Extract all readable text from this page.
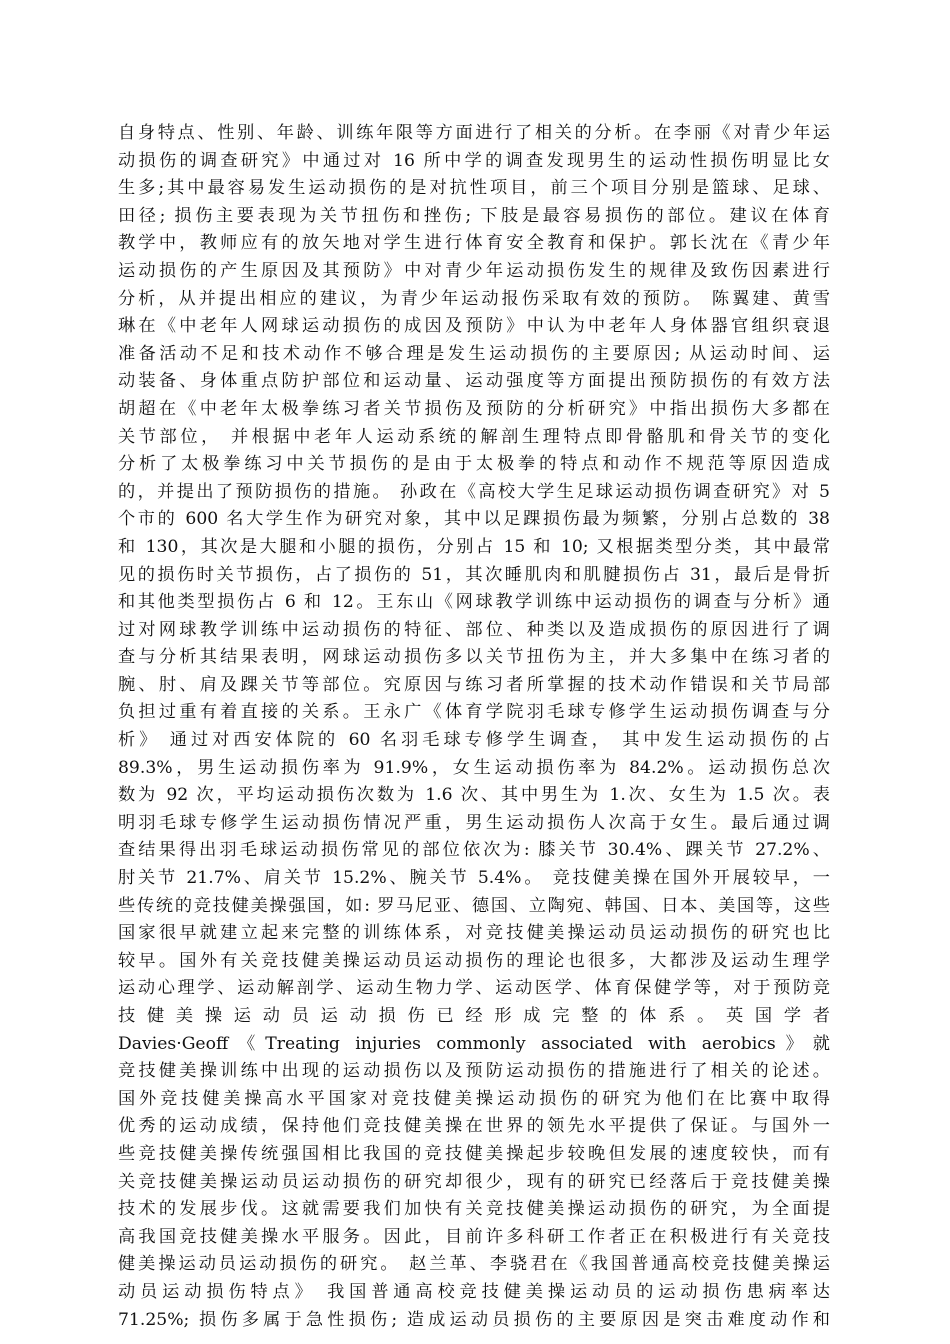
自身特点、性别、年龄、训练年限等方面进行了相关的分析。在李丽《对青少年运
动损伤的调查研究》中通过对 16 所中学的调查发现男生的运动性损伤明显比女
生多;其中最容易发生运动损伤的是对抗性项目，前三个项目分别是篮球、足球、
田径; 损伤主要表现为关节扭伤和挫伤; 下肢是最容易损伤的部位。建议在体育
教学中，教师应有的放矢地对学生进行体育安全教育和保护。郭长沈在《青少年
运动损伤的产生原因及其预防》中对青少年运动损伤发生的规律及致伤因素进行
分析，从并提出相应的建议，为青少年运动报伤采取有效的预防。 陈翼建、黄雪
琳在《中老年人网球运动损伤的成因及预防》中认为中老年人身体器官组织衰退
准备活动不足和技术动作不够合理是发生运动损伤的主要原因; 从运动时间、运
动装备、身体重点防护部位和运动量、运动强度等方面提出预防损伤的有效方法
胡超在《中老年太极拳练习者关节损伤及预防的分析研究》中指出损伤大多都在
关节部位， 并根据中老年人运动系统的解剖生理特点即骨骼肌和骨关节的变化
分析了太极拳练习中关节损伤的是由于太极拳的特点和动作不规范等原因造成
的，并提出了预防损伤的措施。 孙政在《高校大学生足球运动损伤调查研究》对 5
个市的 600 名大学生作为研究对象，其中以足踝损伤最为频繁，分别占总数的 38
和 130，其次是大腿和小腿的损伤，分别占 15 和 10; 又根据类型分类，其中最常
见的损伤时关节损伤，占了损伤的 51，其次睡肌肉和肌腱损伤占 31，最后是骨折
和其他类型损伤占 6 和 12。王东山《网球教学训练中运动损伤的调查与分析》通
过对网球教学训练中运动损伤的特征、部位、种类以及造成损伤的原因进行了调
查与分析其结果表明，网球运动损伤多以关节扭伤为主，并大多集中在练习者的
腕、肘、肩及踝关节等部位。究原因与练习者所掌握的技术动作错误和关节局部
负担过重有着直接的关系。王永广《体育学院羽毛球专修学生运动损伤调查与分
析》 通过对西安体院的 60 名羽毛球专修学生调查， 其中发生运动损伤的占
89.3%，男生运动损伤率为 91.9%，女生运动损伤率为 84.2%。运动损伤总次
数为 92 次，平均运动损伤次数为 1.6 次、其中男生为 1.次、女生为 1.5 次。表
明羽毛球专修学生运动损伤情况严重，男生运动损伤人次高于女生。最后通过调
查结果得出羽毛球运动损伤常见的部位依次为: 膝关节 30.4%、踝关节 27.2%、
肘关节 21.7%、肩关节 15.2%、腕关节 5.4%。 竞技健美操在国外开展较早，一
些传统的竞技健美操强国，如: 罗马尼亚、德国、立陶宛、韩国、日本、美国等，这些
国家很早就建立起来完整的训练体系，对竞技健美操运动员运动损伤的研究也比
较早。国外有关竞技健美操运动员运动损伤的理论也很多，大都涉及运动生理学
运动心理学、运动解剖学、运动生物力学、运动医学、体育保健学等，对于预防竞
技 健 美 操 运 动 员 运 动 损 伤 已 经 形 成 完 整 的 体 系 。 英 国 学 者
Davies·Geoff《Treating injuries commonly associated with aerobics》就
竞技健美操训练中出现的运动损伤以及预防运动损伤的措施进行了相关的论述。
国外竞技健美操高水平国家对竞技健美操运动损伤的研究为他们在比赛中取得
优秀的运动成绩，保持他们竞技健美操在世界的领先水平提供了保证。与国外一
些竞技健美操传统强国相比我国的竞技健美操起步较晚但发展的速度较快，而有
关竞技健美操运动员运动损伤的研究却很少，现有的研究已经落后于竞技健美操
技术的发展步伐。这就需要我们加快有关竞技健美操运动损伤的研究，为全面提
高我国竞技健美操水平服务。因此，目前许多科研工作者正在积极进行有关竞技
健美操运动员运动损伤的研究。 赵兰革、李骁君在《我国普通高校竞技健美操运
动员运动损伤特点》 我国普通高校竞技健美操运动员的运动损伤患病率达
71.25%; 损伤多属于急性损伤; 造成运动员损伤的主要原因是突击难度动作和
